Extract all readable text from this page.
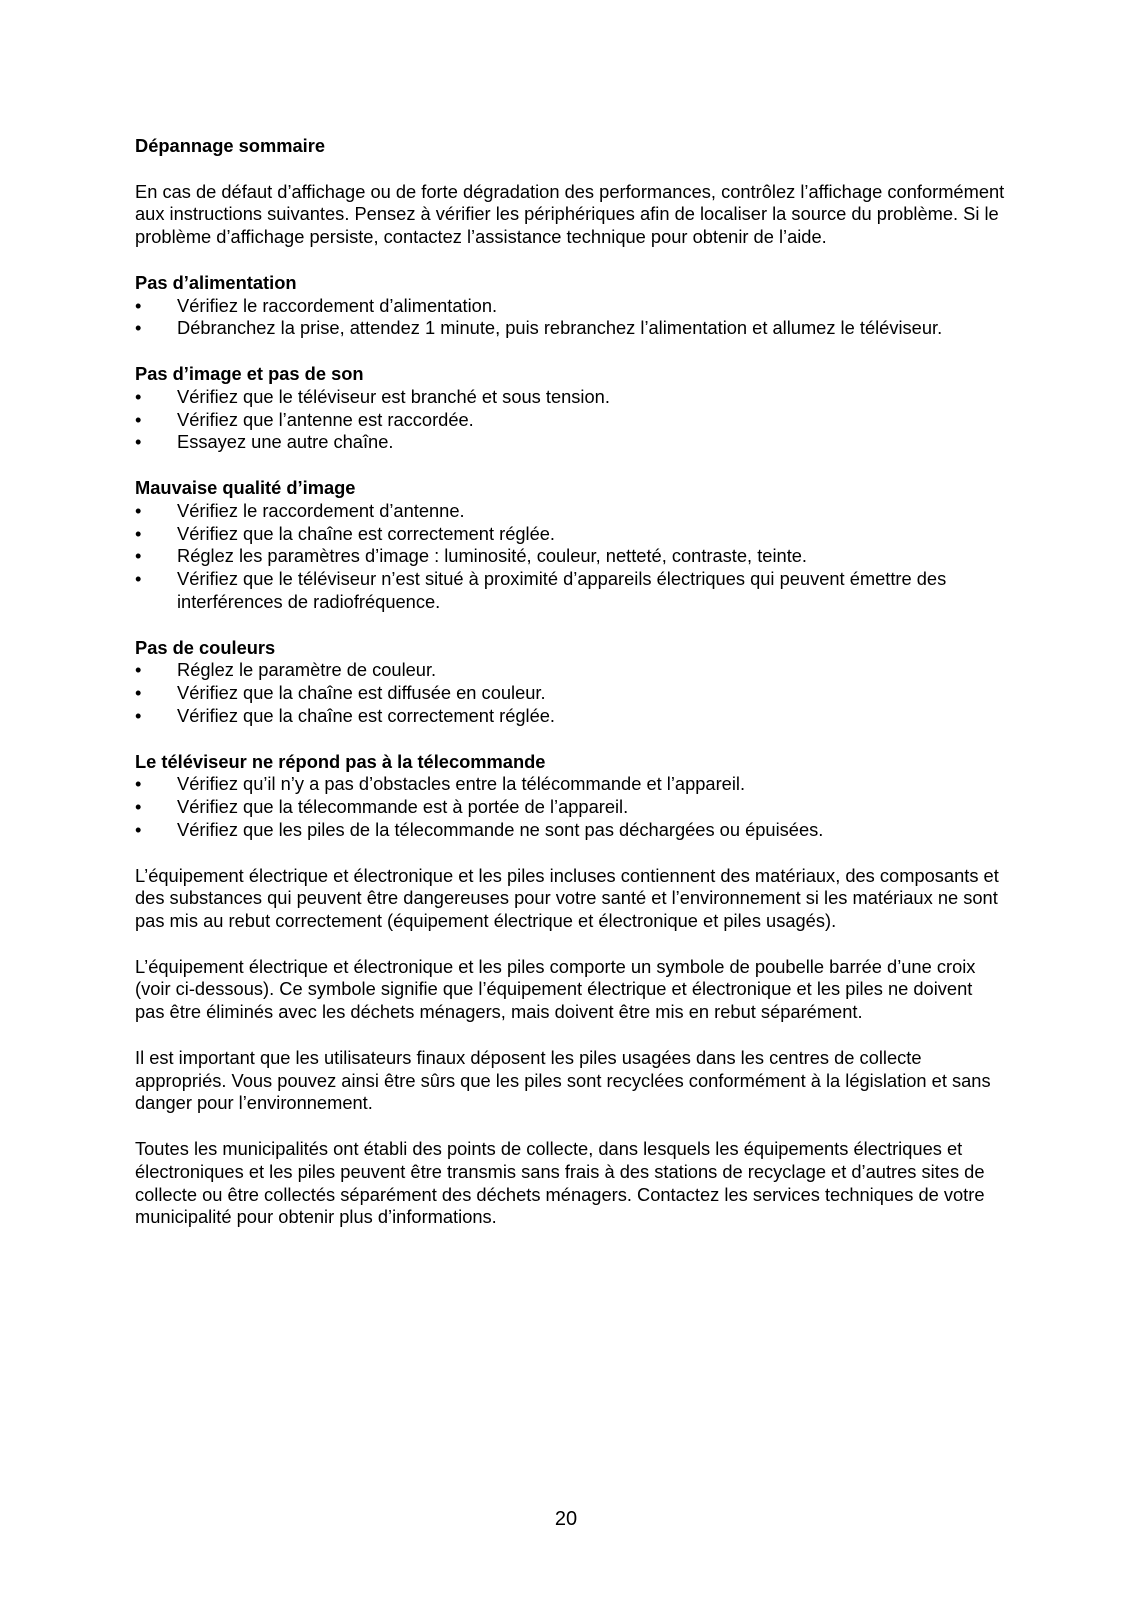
Dépannage sommaire

En cas de défaut d’affichage ou de forte dégradation des performances, contrôlez l’affichage conformément aux instructions suivantes. Pensez à vérifier les périphériques afin de localiser la source du problème. Si le problème d’affichage persiste, contactez l’assistance technique pour obtenir de l’aide.

Pas d’alimentation

• Vérifiez le raccordement d’alimentation.
• Débranchez la prise, attendez 1 minute, puis rebranchez l’alimentation et allumez le téléviseur.

Pas d’image et pas de son

• Vérifiez que le téléviseur est branché et sous tension.
• Vérifiez que l’antenne est raccordée.
• Essayez une autre chaîne.

Mauvaise qualité d’image

• Vérifiez le raccordement d’antenne.
• Vérifiez que la chaîne est correctement réglée.
• Réglez les paramètres d’image : luminosité, couleur, netteté, contraste, teinte.
• Vérifiez que le téléviseur n’est situé à proximité d’appareils électriques qui peuvent émettre des interférences de radiofréquence.

Pas de couleurs

• Réglez le paramètre de couleur.
• Vérifiez que la chaîne est diffusée en couleur.
• Vérifiez que la chaîne est correctement réglée.

Le téléviseur ne répond pas à la télecommande

• Vérifiez qu’il n’y a pas d’obstacles entre la télécommande et l’appareil.
• Vérifiez que la télecommande est à portée de l’appareil.
• Vérifiez que les piles de la télecommande ne sont pas déchargées ou épuisées.

L’équipement électrique et électronique et les piles incluses contiennent des matériaux, des composants et des substances qui peuvent être dangereuses pour votre santé et l’environnement si les matériaux ne sont pas mis au rebut correctement (équipement électrique et électronique et piles usagés).

L’équipement électrique et électronique et les piles comporte un symbole de poubelle barrée d’une croix (voir ci-dessous). Ce symbole signifie que l’équipement électrique et électronique et les piles ne doivent pas être éliminés avec les déchets ménagers, mais doivent être mis en rebut séparément.

Il est important que les utilisateurs finaux déposent les piles usagées dans les centres de collecte appropriés. Vous pouvez ainsi être sûrs que les piles sont recyclées conformément à la législation et sans danger pour l’environnement.

Toutes les municipalités ont établi des points de collecte, dans lesquels les équipements électriques et électroniques et les piles peuvent être transmis sans frais à des stations de recyclage et d’autres sites de collecte ou être collectés séparément des déchets ménagers. Contactez les services techniques de votre municipalité pour obtenir plus d’informations.

20
